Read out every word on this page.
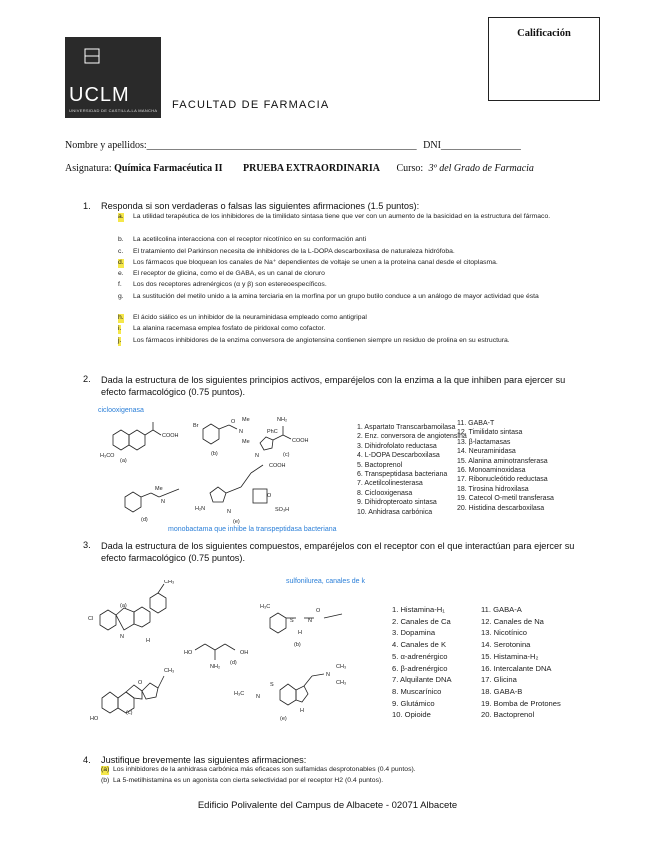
Calificación
UCLM
UNIVERSIDAD DE CASTILLA-LA MANCHA FACULTAD DE FARMACIA
Nombre y apellidos:______________________________________________________ DNI________________
Asignatura: Química Farmacéutica II PRUEBA EXTRAORDINARIA Curso: 3º del Grado de Farmacia
1. Responda si son verdaderas o falsas las siguientes afirmaciones (1.5 puntos):
a. La utilidad terapéutica de los inhibidores de la timilidato sintasa tiene que ver con un aumento de la basicidad en la estructura del fármaco.
b. La acetilcolina interacciona con el receptor nicotínico en su conformación anti
c. El tratamiento del Parkinson necesita de inhibidores de la L-DOPA descarboxilasa de naturaleza hidrófoba.
d. Los fármacos que bloquean los canales de Na⁺ dependientes de voltaje se unen a la proteína canal desde el citoplasma.
e. El receptor de glicina, como el de GABA, es un canal de cloruro
f. Los dos receptores adrenérgicos (α y β) son estereoespecíficos.
g. La sustitución del metilo unido a la amina terciaria en la morfina por un grupo butilo conduce a un análogo de mayor actividad que ésta
h. El ácido siálico es un inhibidor de la neuraminidasa empleado como antigripal
i. La alanina racemasa emplea fosfato de piridoxal como cofactor.
j. Los fármacos inhibidores de la enzima conversora de angiotensina contienen siempre un residuo de prolina en su estructura.
2. Dada la estructura de los siguientes principios activos, emparéjelos con la enzima a la que inhiben para ejercer su efecto farmacológico (0.75 puntos).
ciclooxigenasa
monobactama que inhibe la transpeptidasa bacteriana
H₃CO
COOH
(a)
Br
O
N
Me
Me
(b)
NH₂
COOH
PhC
N	(c)
N
Me
(d)
H₂N	N
O
SO₃H
COOH
(e)
1. Aspartato Transcarbamoilasa
2. Enz. conversora de angiotensina
3. Dihidrofolato reductasa
4. L-DOPA Descarboxilasa
5. Bactoprenol
6. Transpeptidasa bacteriana
7. Acetilcolinesterasa
8. Ciclooxigenasa
9. Dihidropteroato sintasa
10. Anhidrasa carbónica
11. GABA-T
12. Timilidato sintasa
13. β-lactamasas
14. Neuraminidasa
15. Alanina aminotransferasa
16. Monoaminoxidasa
17. Ribonucleótido reductasa
18. Tirosina hidroxilasa
19. Catecol O-metil transferasa
20. Histidina descarboxilasa
3. Dada la estructura de los siguientes compuestos, emparéjelos con el receptor con el que interactúan para ejercer su efecto farmacológico (0.75 puntos).
sulfonilurea, canales de k
Cl
CH₃
(a)
N
H
H₃C
S	N
O
H
(b)
HO
CH₃
O
(c)
HO	OH
NH₂
(d)
H₃C N
S
N
CH₃
CH₃
H
(e)
1. Histamina-H₁
2. Canales de Ca
3. Dopamina
4. Canales de K
5. α-adrenérgico
6. β-adrenérgico
7. Alquilante DNA
8. Muscarínico
9. Glutámico
10. Opioide
11. GABA-A
12. Canales de Na
13. Nicotínico
14. Serotonina
15. Histamina-H₂
16. Intercalante DNA
17. Glicina
18. GABA-B
19. Bomba de Protones
20. Bactoprenol
4. Justifique brevemente las siguientes afirmaciones:
(a) Los inhibidores de la anhidrasa carbónica más eficaces son sulfamidas desprotonables (0.4 puntos).
(b) La 5-metilhistamina es un agonista con cierta selectividad por el receptor H2 (0.4 puntos).
Edificio Polivalente del Campus de Albacete - 02071 Albacete
